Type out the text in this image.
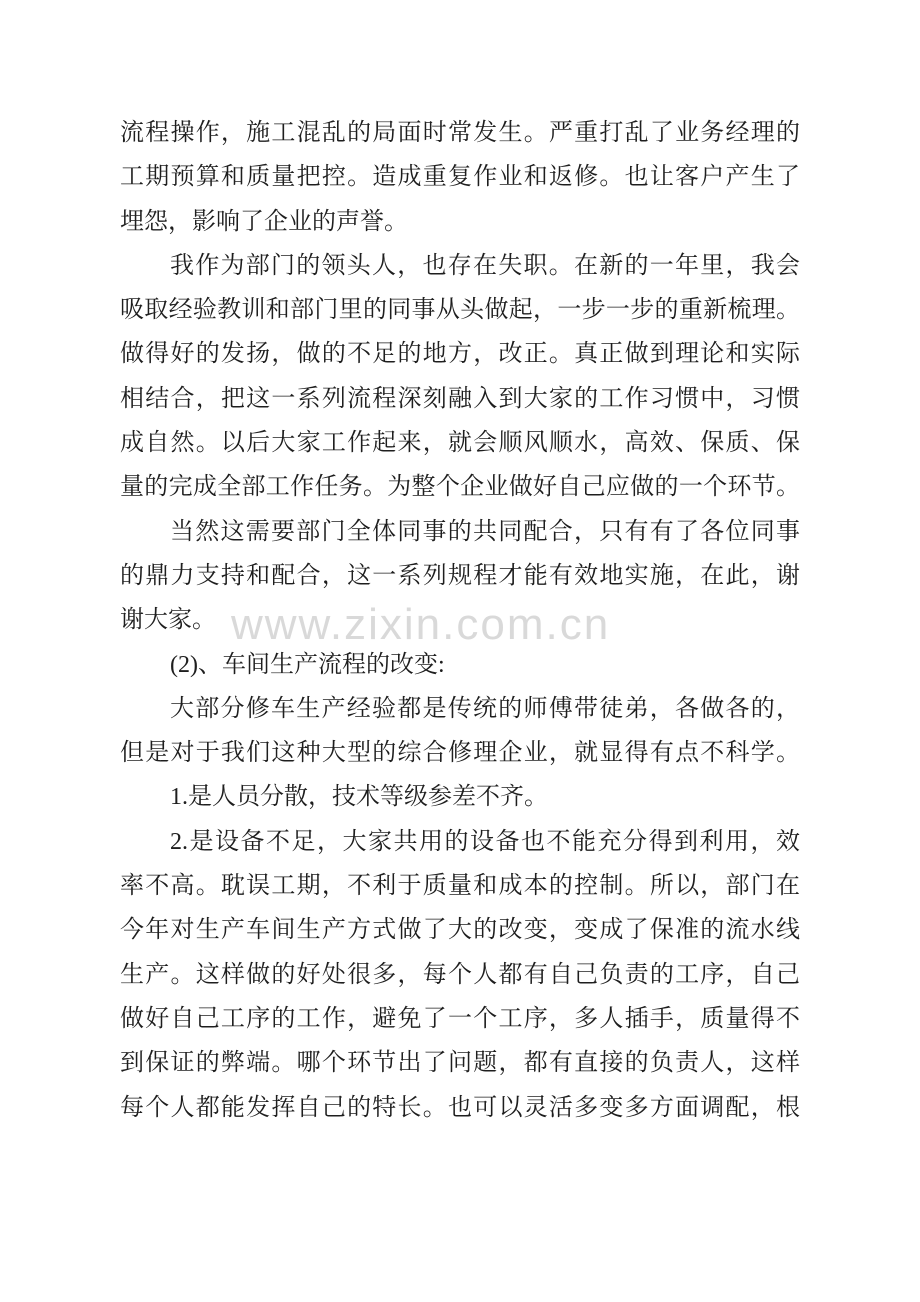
www.zixin.com.cn
流程操作，施工混乱的局面时常发生。严重打乱了业务经理的
工期预算和质量把控。造成重复作业和返修。也让客户产生了
埋怨，影响了企业的声誉。
我作为部门的领头人，也存在失职。在新的一年里，我会
吸取经验教训和部门里的同事从头做起，一步一步的重新梳理。
做得好的发扬，做的不足的地方，改正。真正做到理论和实际
相结合，把这一系列流程深刻融入到大家的工作习惯中，习惯
成自然。以后大家工作起来，就会顺风顺水，高效、保质、保
量的完成全部工作任务。为整个企业做好自己应做的一个环节。
当然这需要部门全体同事的共同配合，只有有了各位同事
的鼎力支持和配合，这一系列规程才能有效地实施，在此，谢
谢大家。
(2)、车间生产流程的改变:
大部分修车生产经验都是传统的师傅带徒弟，各做各的，
但是对于我们这种大型的综合修理企业，就显得有点不科学。
1.是人员分散，技术等级参差不齐。
2.是设备不足，大家共用的设备也不能充分得到利用，效
率不高。耽误工期，不利于质量和成本的控制。所以，部门在
今年对生产车间生产方式做了大的改变，变成了保准的流水线
生产。这样做的好处很多，每个人都有自己负责的工序，自己
做好自己工序的工作，避免了一个工序，多人插手，质量得不
到保证的弊端。哪个环节出了问题，都有直接的负责人，这样
每个人都能发挥自己的特长。也可以灵活多变多方面调配，根
